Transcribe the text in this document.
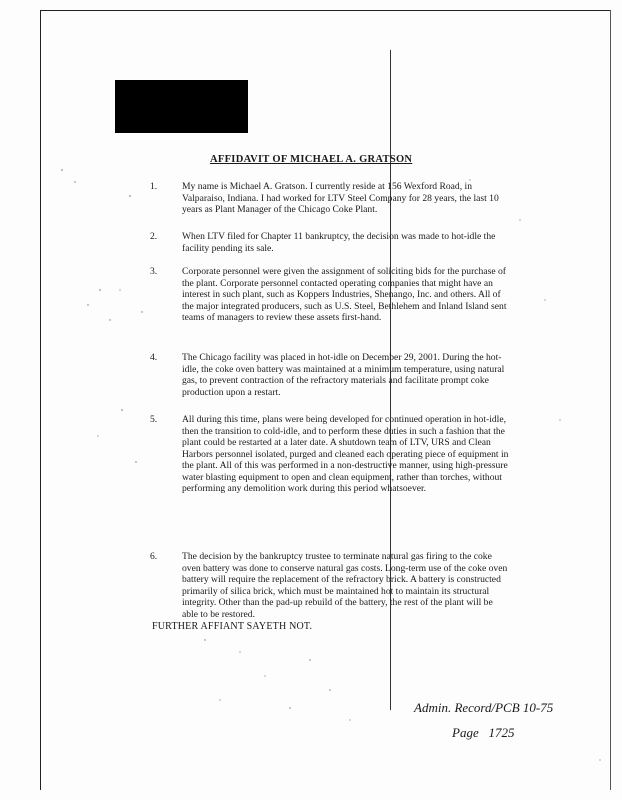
AFFIDAVIT OF MICHAEL A. GRATSON
1.	My name is Michael A. Gratson. I currently reside at 156 Wexford Road, in Valparaiso, Indiana. I had worked for LTV Steel Company for 28 years, the last 10 years as Plant Manager of the Chicago Coke Plant.
2.	When LTV filed for Chapter 11 bankruptcy, the decision was made to hot-idle the facility pending its sale.
3.	Corporate personnel were given the assignment of soliciting bids for the purchase of the plant. Corporate personnel contacted operating companies that might have an interest in such plant, such as Koppers Industries, Shenango, Inc. and others. All of the major integrated producers, such as U.S. Steel, Bethlehem and Inland Island sent teams of managers to review these assets first-hand.
4.	The Chicago facility was placed in hot-idle on December 29, 2001. During the hot-idle, the coke oven battery was maintained at a minimum temperature, using natural gas, to prevent contraction of the refractory materials and facilitate prompt coke production upon a restart.
5.	All during this time, plans were being developed for continued operation in hot-idle, then the transition to cold-idle, and to perform these duties in such a fashion that the plant could be restarted at a later date. A shutdown team of LTV, URS and Clean Harbors personnel isolated, purged and cleaned each operating piece of equipment in the plant. All of this was performed in a non-destructive manner, using high-pressure water blasting equipment to open and clean equipment, rather than torches, without performing any demolition work during this period whatsoever.
6.	The decision by the bankruptcy trustee to terminate natural gas firing to the coke oven battery was done to conserve natural gas costs. Long-term use of the coke oven battery will require the replacement of the refractory brick. A battery is constructed primarily of silica brick, which must be maintained hot to maintain its structural integrity. Other than the pad-up rebuild of the battery, the rest of the plant will be able to be restored.
FURTHER AFFIANT SAYETH NOT.
Admin. Record/PCB 10-75
Page 1725
